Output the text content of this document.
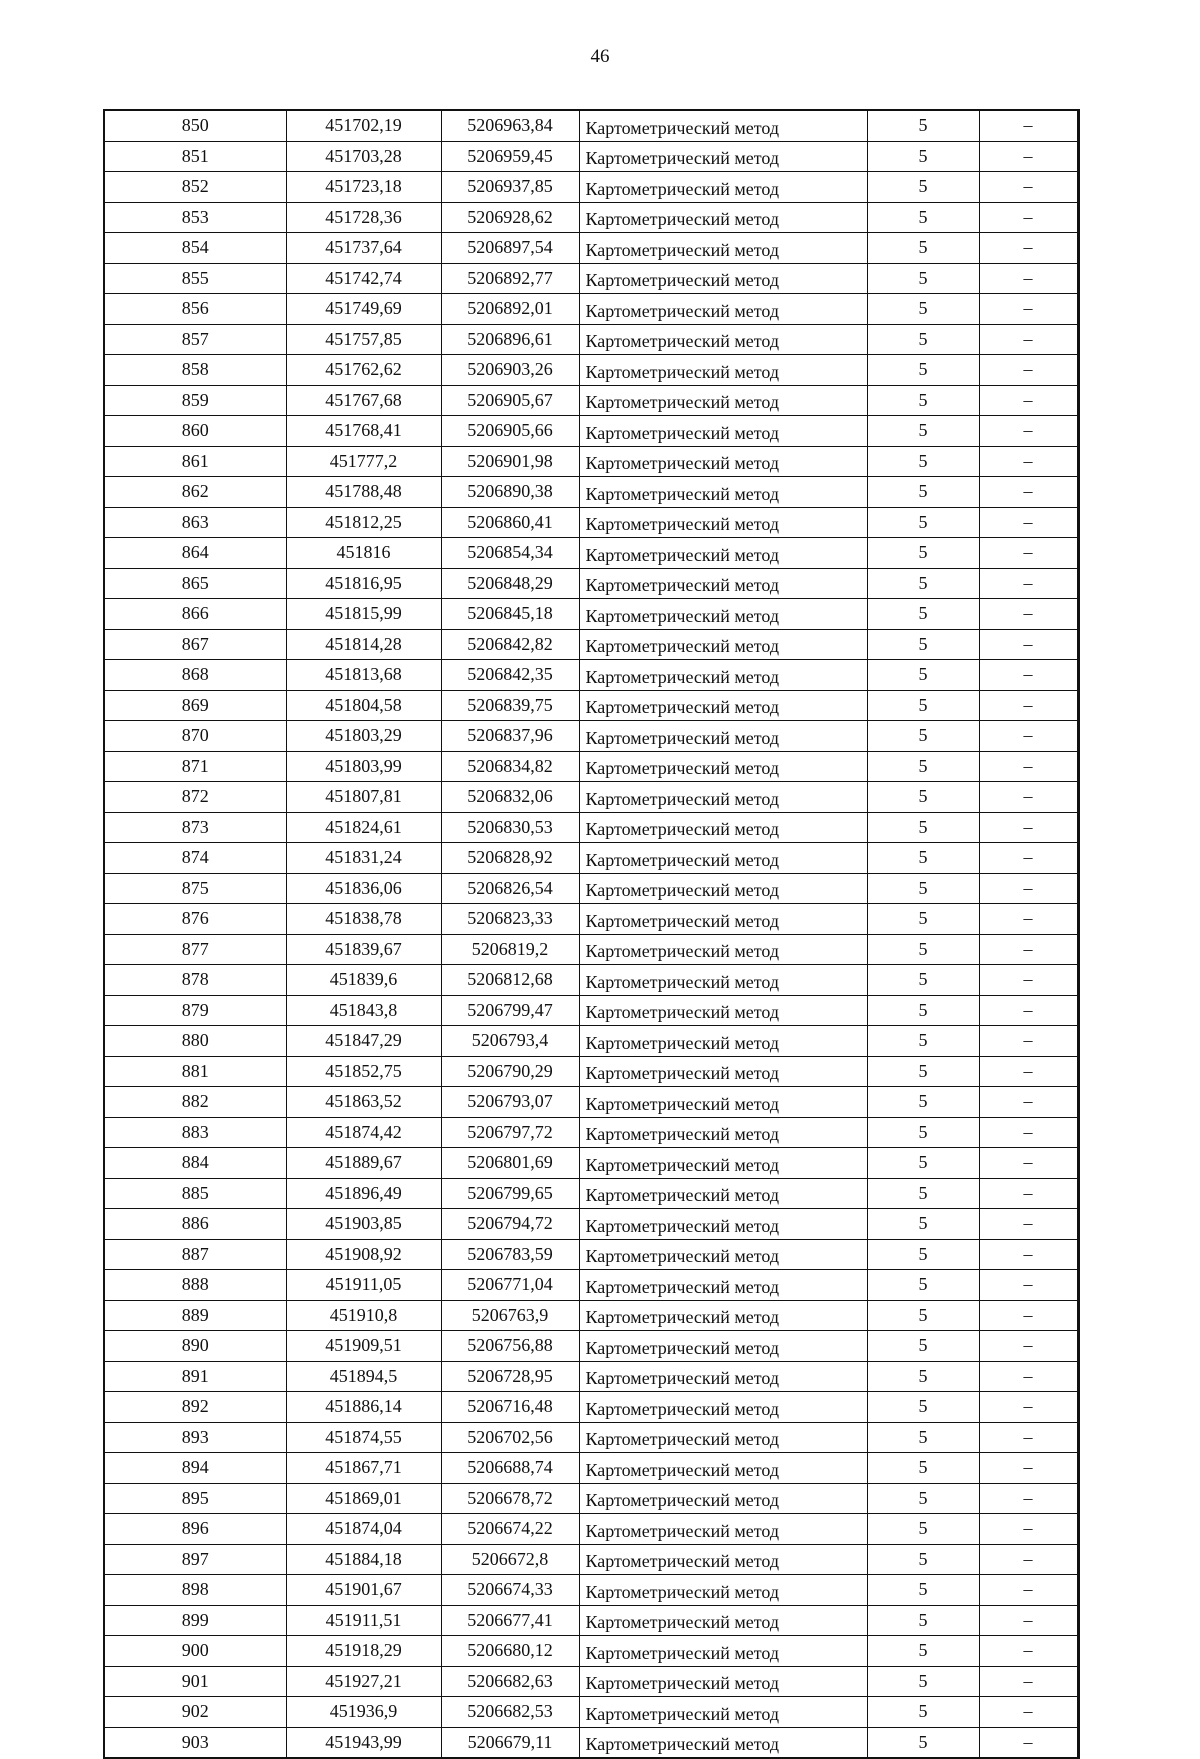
46
850	451702,19	5206963,84	Картометрический метод	5	–
851	451703,28	5206959,45	Картометрический метод	5	–
852	451723,18	5206937,85	Картометрический метод	5	–
853	451728,36	5206928,62	Картометрический метод	5	–
854	451737,64	5206897,54	Картометрический метод	5	–
855	451742,74	5206892,77	Картометрический метод	5	–
856	451749,69	5206892,01	Картометрический метод	5	–
857	451757,85	5206896,61	Картометрический метод	5	–
858	451762,62	5206903,26	Картометрический метод	5	–
859	451767,68	5206905,67	Картометрический метод	5	–
860	451768,41	5206905,66	Картометрический метод	5	–
861	451777,2	5206901,98	Картометрический метод	5	–
862	451788,48	5206890,38	Картометрический метод	5	–
863	451812,25	5206860,41	Картометрический метод	5	–
864	451816	5206854,34	Картометрический метод	5	–
865	451816,95	5206848,29	Картометрический метод	5	–
866	451815,99	5206845,18	Картометрический метод	5	–
867	451814,28	5206842,82	Картометрический метод	5	–
868	451813,68	5206842,35	Картометрический метод	5	–
869	451804,58	5206839,75	Картометрический метод	5	–
870	451803,29	5206837,96	Картометрический метод	5	–
871	451803,99	5206834,82	Картометрический метод	5	–
872	451807,81	5206832,06	Картометрический метод	5	–
873	451824,61	5206830,53	Картометрический метод	5	–
874	451831,24	5206828,92	Картометрический метод	5	–
875	451836,06	5206826,54	Картометрический метод	5	–
876	451838,78	5206823,33	Картометрический метод	5	–
877	451839,67	5206819,2	Картометрический метод	5	–
878	451839,6	5206812,68	Картометрический метод	5	–
879	451843,8	5206799,47	Картометрический метод	5	–
880	451847,29	5206793,4	Картометрический метод	5	–
881	451852,75	5206790,29	Картометрический метод	5	–
882	451863,52	5206793,07	Картометрический метод	5	–
883	451874,42	5206797,72	Картометрический метод	5	–
884	451889,67	5206801,69	Картометрический метод	5	–
885	451896,49	5206799,65	Картометрический метод	5	–
886	451903,85	5206794,72	Картометрический метод	5	–
887	451908,92	5206783,59	Картометрический метод	5	–
888	451911,05	5206771,04	Картометрический метод	5	–
889	451910,8	5206763,9	Картометрический метод	5	–
890	451909,51	5206756,88	Картометрический метод	5	–
891	451894,5	5206728,95	Картометрический метод	5	–
892	451886,14	5206716,48	Картометрический метод	5	–
893	451874,55	5206702,56	Картометрический метод	5	–
894	451867,71	5206688,74	Картометрический метод	5	–
895	451869,01	5206678,72	Картометрический метод	5	–
896	451874,04	5206674,22	Картометрический метод	5	–
897	451884,18	5206672,8	Картометрический метод	5	–
898	451901,67	5206674,33	Картометрический метод	5	–
899	451911,51	5206677,41	Картометрический метод	5	–
900	451918,29	5206680,12	Картометрический метод	5	–
901	451927,21	5206682,63	Картометрический метод	5	–
902	451936,9	5206682,53	Картометрический метод	5	–
903	451943,99	5206679,11	Картометрический метод	5	–
